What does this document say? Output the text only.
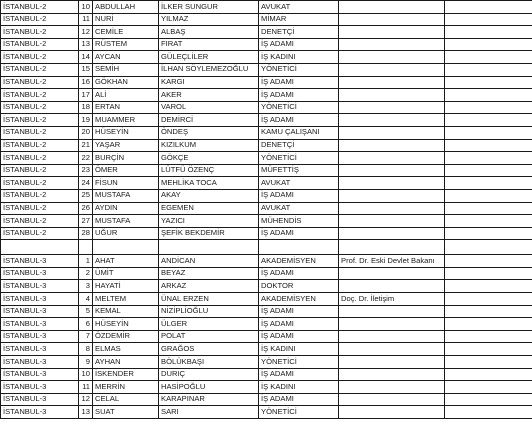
İSTANBUL-2	10	ABDULLAH	İLKER SUNGUR	AVUKAT		
İSTANBUL-2	11	NURİ	YILMAZ	MİMAR		
İSTANBUL-2	12	CEMİLE	ALBAŞ	DENETÇİ		
İSTANBUL-2	13	RÜSTEM	FIRAT	İŞ ADAMI		
İSTANBUL-2	14	AYCAN	GÜLEÇLİLER	İŞ KADINI		
İSTANBUL-2	15	SEMİH	İLHAN SÖYLEMEZOĞLU	YÖNETİCİ		
İSTANBUL-2	16	GÖKHAN	KARGI	İŞ ADAMI		
İSTANBUL-2	17	ALİ	AKER	İŞ ADAMI		
İSTANBUL-2	18	ERTAN	VAROL	YÖNETİCİ		
İSTANBUL-2	19	MUAMMER	DEMİRCİ	İŞ ADAMI		
İSTANBUL-2	20	HÜSEYİN	ÖNDEŞ	KAMU ÇALIŞANI		
İSTANBUL-2	21	YAŞAR	KIZILKUM	DENETÇİ		
İSTANBUL-2	22	BURÇİN	GÖKÇE	YÖNETİCİ		
İSTANBUL-2	23	ÖMER	LÜTFÜ ÖZENÇ	MÜFETTİŞ		
İSTANBUL-2	24	FİSUN	MEHLİKA TOCA	AVUKAT		
İSTANBUL-2	25	MUSTAFA	AKAY	İŞ ADAMI		
İSTANBUL-2	26	AYDIN	EGEMEN	AVUKAT		
İSTANBUL-2	27	MUSTAFA	YAZICI	MÜHENDİS		
İSTANBUL-2	28	UĞUR	ŞEFİK BEKDEMİR	İŞ ADAMI		

İSTANBUL-3	1	AHAT	ANDİCAN	AKADEMİSYEN	Prof. Dr. Eski Devlet Bakanı	
İSTANBUL-3	2	ÜMİT	BEYAZ	İŞ ADAMI		
İSTANBUL-3	3	HAYATİ	ARKAZ	DOKTOR		
İSTANBUL-3	4	MELTEM	ÜNAL ERZEN	AKADEMİSYEN	Doç. Dr. İletişim	
İSTANBUL-3	5	KEMAL	NİZİPLİOĞLU	İŞ ADAMI		
İSTANBUL-3	6	HÜSEYİN	ÜLGER	İŞ ADAMI		
İSTANBUL-3	7	ÖZDEMİR	POLAT	İŞ ADAMI		
İSTANBUL-3	8	ELMAS	GRAĞOS	İŞ KADINI		
İSTANBUL-3	9	AYHAN	BÖLÜKBAŞI	YÖNETİCİ		
İSTANBUL-3	10	İSKENDER	DURIÇ	İŞ ADAMI		
İSTANBUL-3	11	MERRİN	HASİPOĞLU	İŞ KADINI		
İSTANBUL-3	12	CELAL	KARAPINAR	İŞ ADAMI		
İSTANBUL-3	13	SUAT	SARI	YÖNETİCİ		
